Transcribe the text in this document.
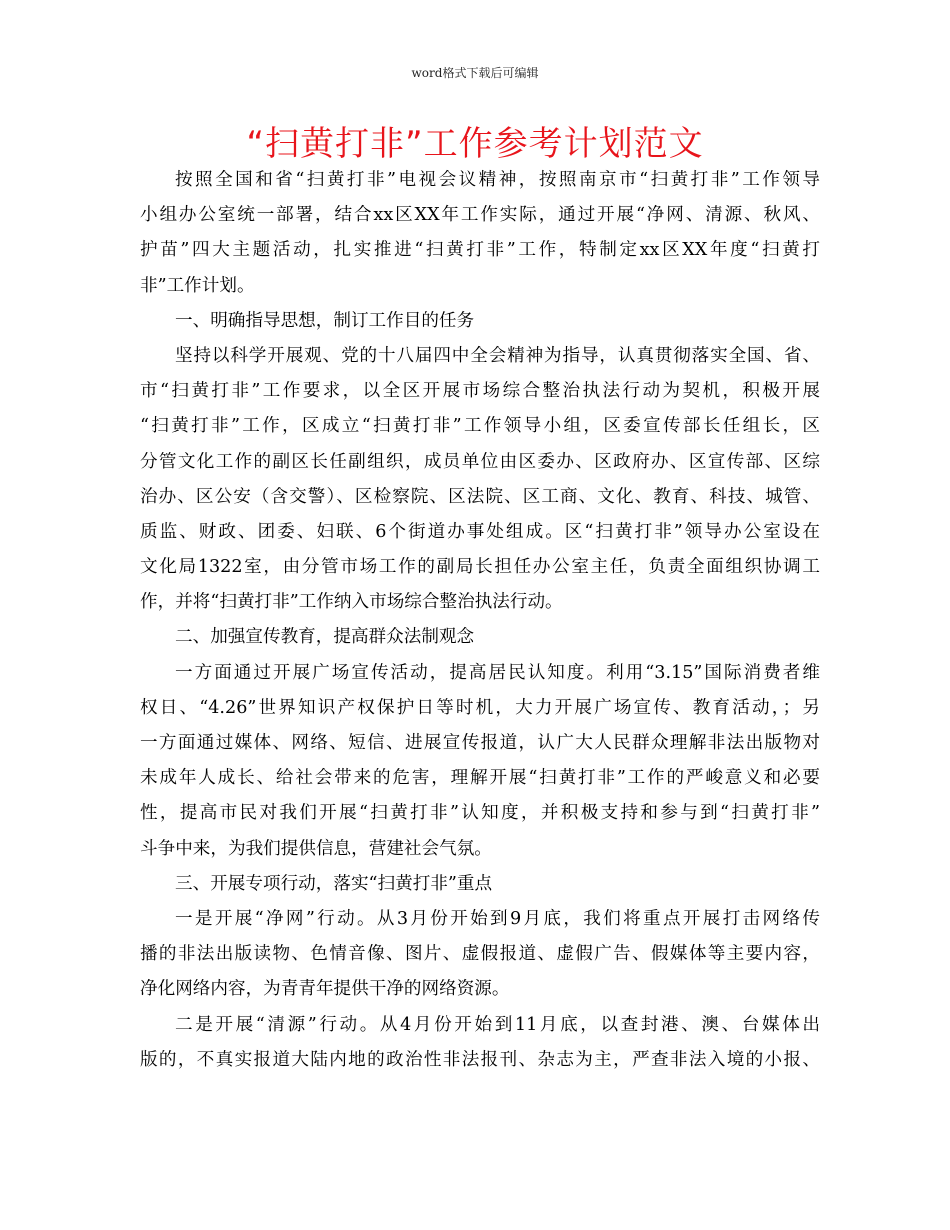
word格式下载后可编辑
“扫黄打非”工作参考计划范文
按照全国和省“扫黄打非”电视会议精神，按照南京市“扫黄打非”工作领导
小组办公室统一部署，结合xx区XX年工作实际，通过开展“净网、清源、秋风、
护苗”四大主题活动，扎实推进“扫黄打非”工作，特制定xx区XX年度“扫黄打
非”工作计划。
一、明确指导思想，制订工作目的任务
坚持以科学开展观、党的十八届四中全会精神为指导，认真贯彻落实全国、省、
市“扫黄打非”工作要求，以全区开展市场综合整治执法行动为契机，积极开展
“扫黄打非”工作，区成立“扫黄打非”工作领导小组，区委宣传部长任组长，区
分管文化工作的副区长任副组织，成员单位由区委办、区政府办、区宣传部、区综
治办、区公安（含交警）、区检察院、区法院、区工商、文化、教育、科技、城管、
质监、财政、团委、妇联、6个街道办事处组成。区“扫黄打非”领导办公室设在
文化局1322室，由分管市场工作的副局长担任办公室主任，负责全面组织协调工
作，并将“扫黄打非”工作纳入市场综合整治执法行动。
二、加强宣传教育，提高群众法制观念
一方面通过开展广场宣传活动，提高居民认知度。利用“3.15”国际消费者维
权日、“4.26”世界知识产权保护日等时机，大力开展广场宣传、教育活动，；另
一方面通过媒体、网络、短信、进展宣传报道，认广大人民群众理解非法出版物对
未成年人成长、给社会带来的危害，理解开展“扫黄打非”工作的严峻意义和必要
性，提高市民对我们开展“扫黄打非”认知度，并积极支持和参与到“扫黄打非”
斗争中来，为我们提供信息，营建社会气氛。
三、开展专项行动，落实“扫黄打非”重点
一是开展“净网”行动。从3月份开始到9月底，我们将重点开展打击网络传
播的非法出版读物、色情音像、图片、虚假报道、虚假广告、假媒体等主要内容，
净化网络内容，为青青年提供干净的网络资源。
二是开展“清源”行动。从4月份开始到11月底，以查封港、澳、台媒体出
版的，不真实报道大陆内地的政治性非法报刊、杂志为主，严查非法入境的小报、
